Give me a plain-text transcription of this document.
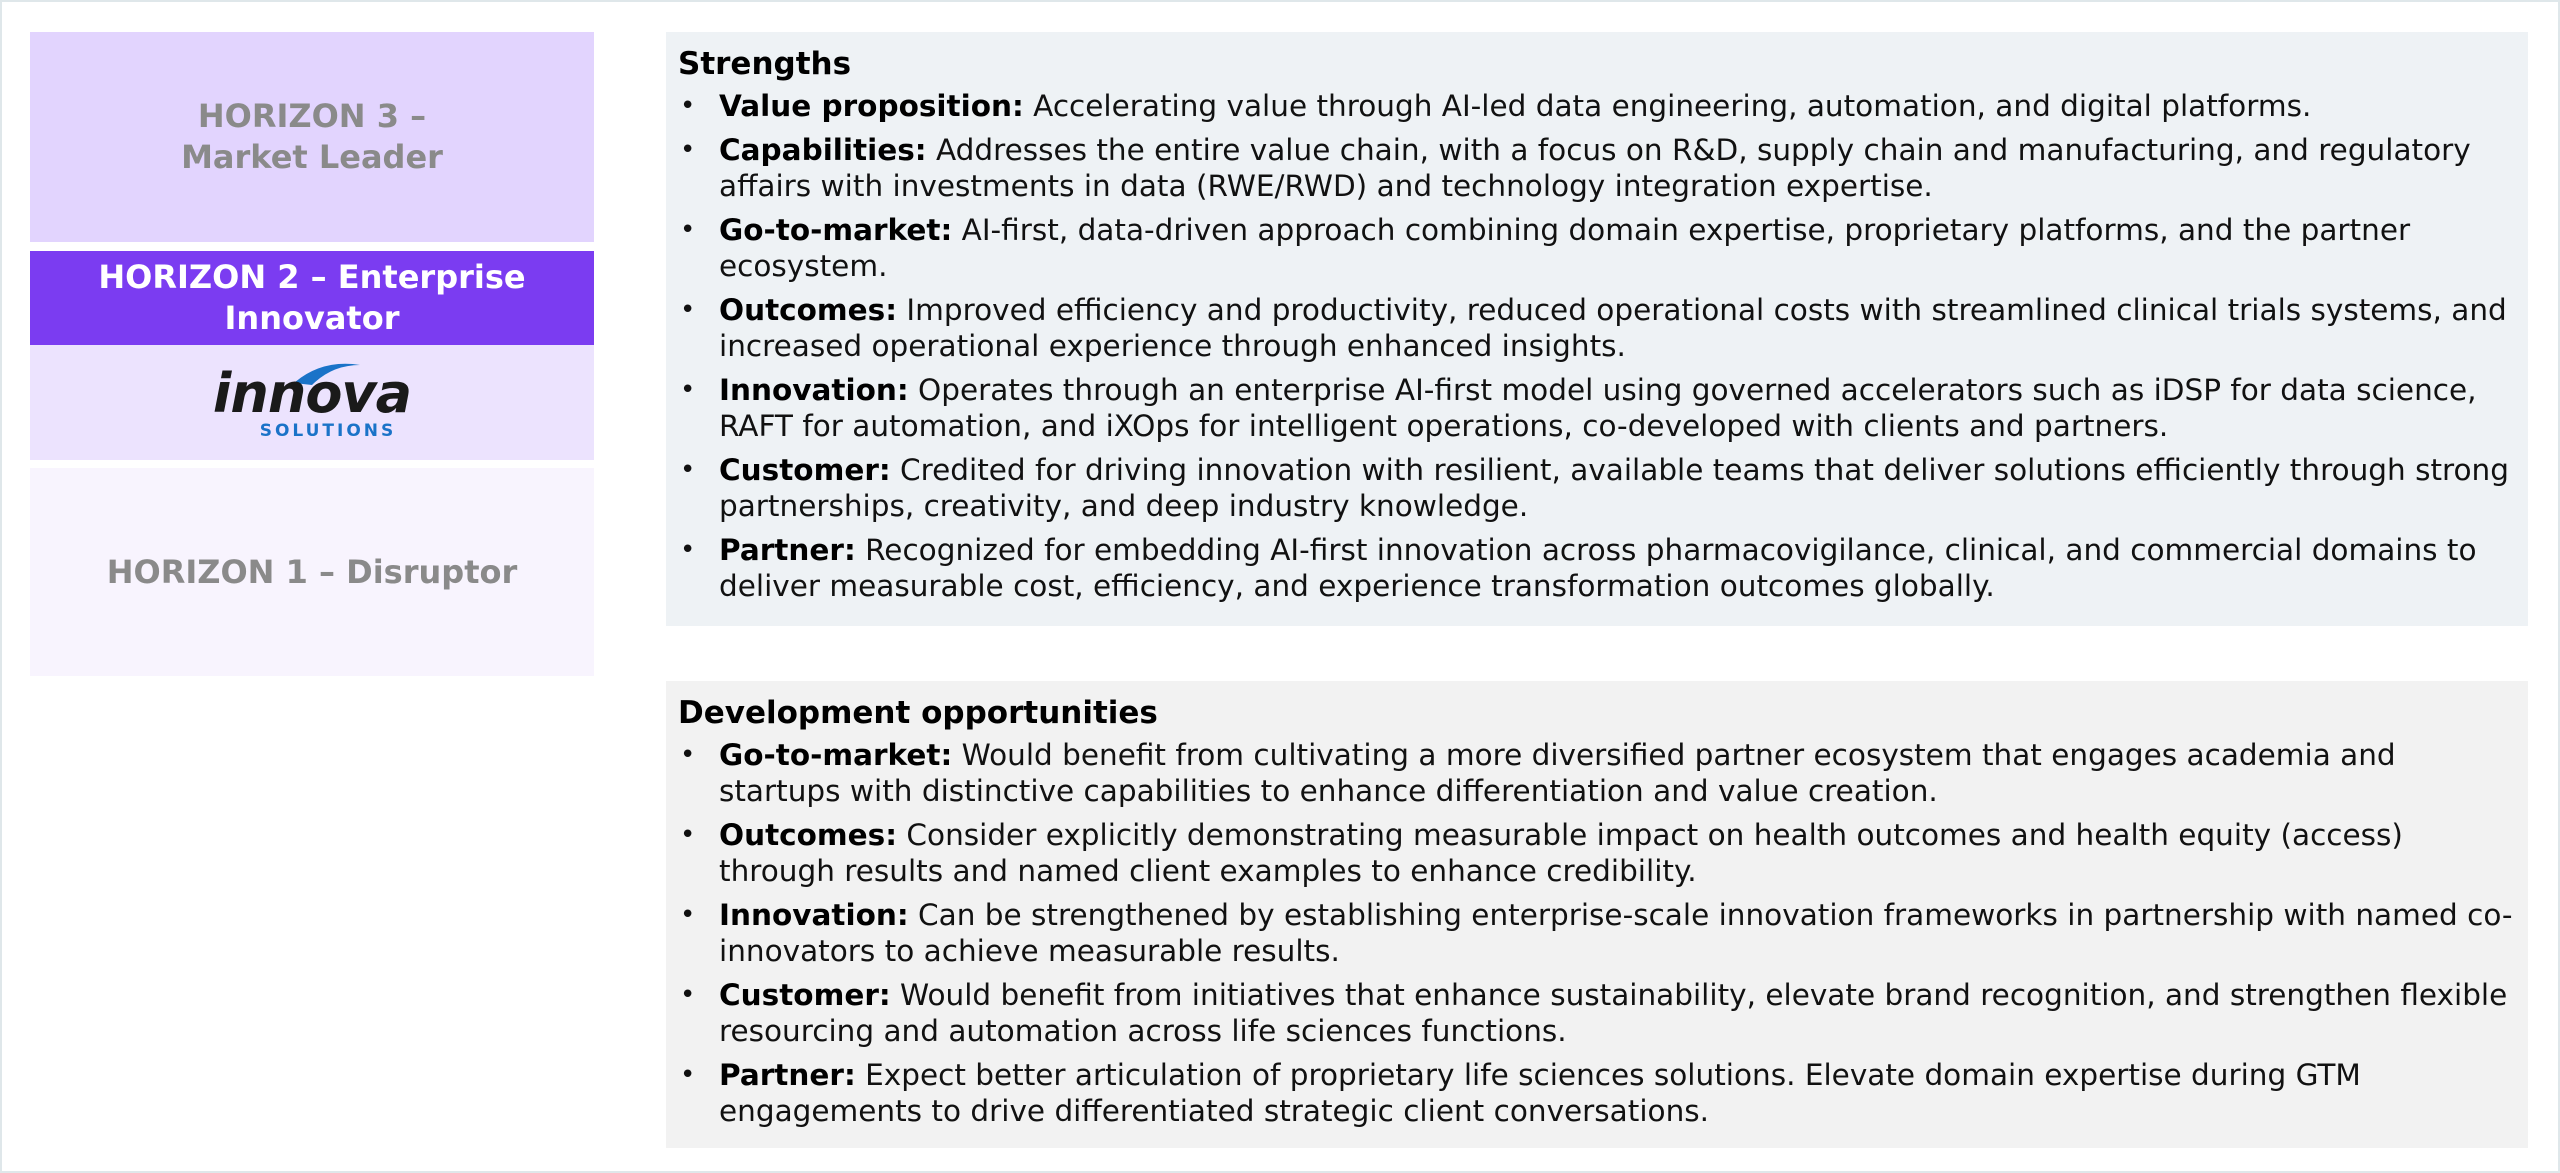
HORIZON 3 –
Market Leader
HORIZON 2 – Enterprise
Innovator
innova
SOLUTIONS
HORIZON 1 – Disruptor
Strengths
• Value proposition: Accelerating value through AI-led data engineering, automation, and digital platforms.
• Capabilities: Addresses the entire value chain, with a focus on R&D, supply chain and manufacturing, and regulatory affairs with investments in data (RWE/RWD) and technology integration expertise.
• Go-to-market: AI-first, data-driven approach combining domain expertise, proprietary platforms, and the partner ecosystem.
• Outcomes: Improved efficiency and productivity, reduced operational costs with streamlined clinical trials systems, and increased operational experience through enhanced insights.
• Innovation: Operates through an enterprise AI-first model using governed accelerators such as iDSP for data science, RAFT for automation, and iXOps for intelligent operations, co-developed with clients and partners.
• Customer: Credited for driving innovation with resilient, available teams that deliver solutions efficiently through strong partnerships, creativity, and deep industry knowledge.
• Partner: Recognized for embedding AI-first innovation across pharmacovigilance, clinical, and commercial domains to deliver measurable cost, efficiency, and experience transformation outcomes globally.
Development opportunities
• Go-to-market: Would benefit from cultivating a more diversified partner ecosystem that engages academia and startups with distinctive capabilities to enhance differentiation and value creation.
• Outcomes: Consider explicitly demonstrating measurable impact on health outcomes and health equity (access) through results and named client examples to enhance credibility.
• Innovation: Can be strengthened by establishing enterprise-scale innovation frameworks in partnership with named co-innovators to achieve measurable results.
• Customer: Would benefit from initiatives that enhance sustainability, elevate brand recognition, and strengthen flexible resourcing and automation across life sciences functions.
• Partner: Expect better articulation of proprietary life sciences solutions. Elevate domain expertise during GTM engagements to drive differentiated strategic client conversations.
